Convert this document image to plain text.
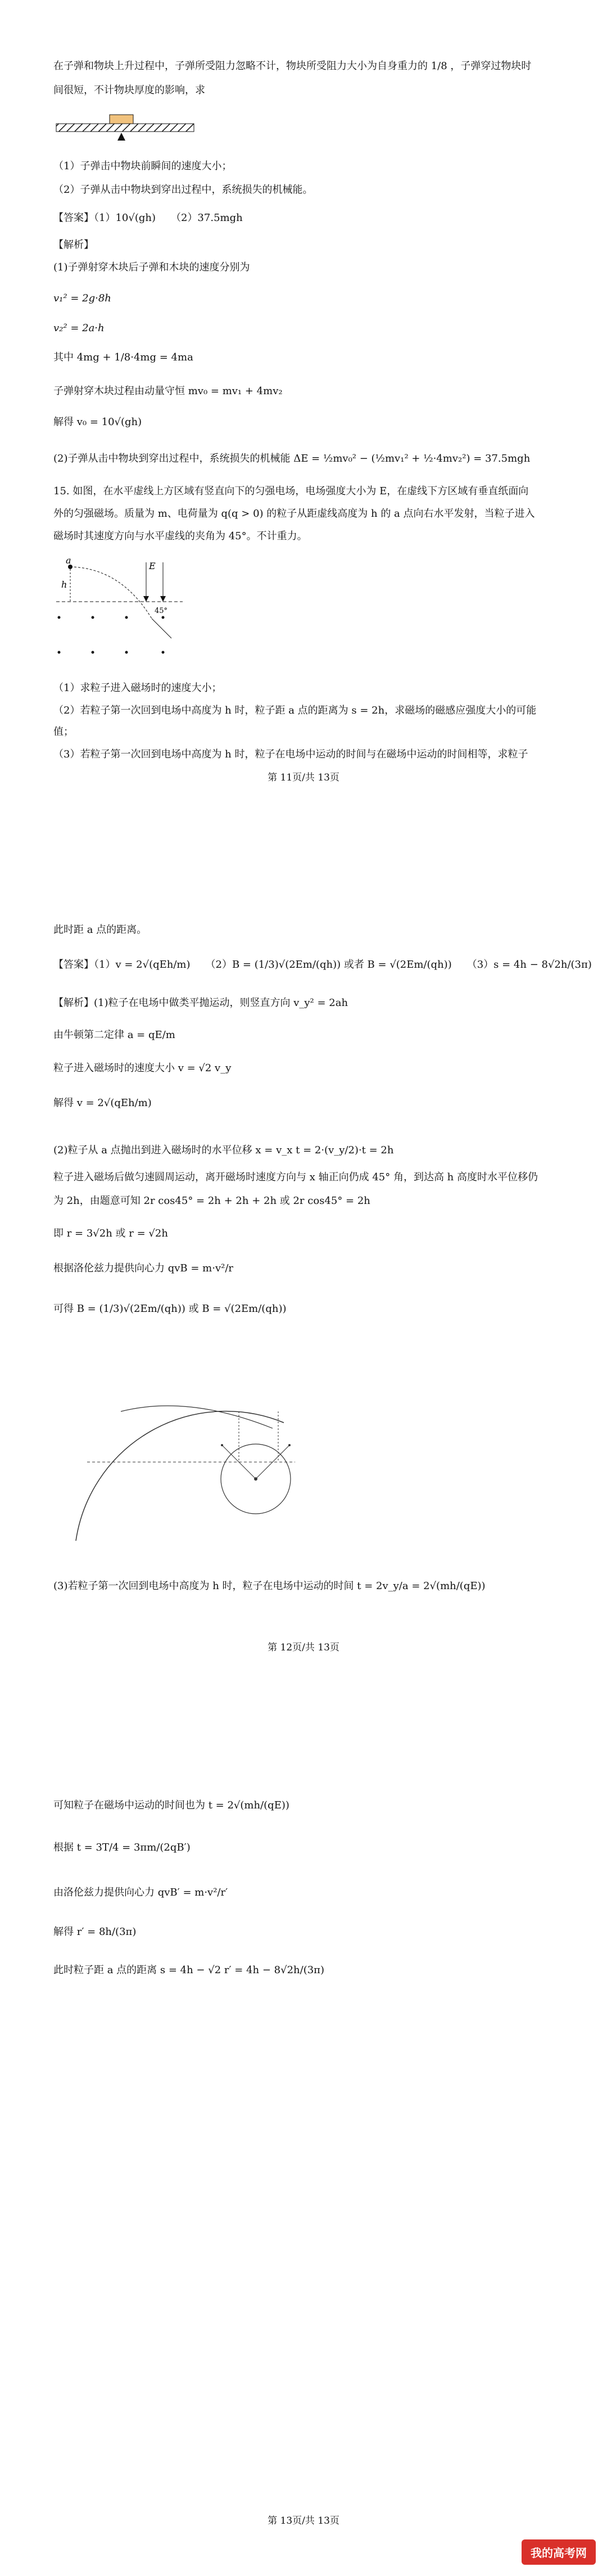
在子弹和物块上升过程中，子弹所受阻力忽略不计，物块所受阻力大小为自身重力的 1/8 ，子弹穿过物块时
间很短，不计物块厚度的影响，求
（1）子弹击中物块前瞬间的速度大小；
（2）子弹从击中物块到穿出过程中，系统损失的机械能。
【答案】（1）10√(gh)　　（2）37.5mgh
【解析】
(1)子弹射穿木块后子弹和木块的速度分别为
v₁² = 2g·8h
v₂² = 2a·h
其中 4mg + 1/8·4mg = 4ma
子弹射穿木块过程由动量守恒 mv₀ = mv₁ + 4mv₂
解得 v₀ = 10√(gh)
(2)子弹从击中物块到穿出过程中，系统损失的机械能 ΔE = ½mv₀² − (½mv₁² + ½·4mv₂²) = 37.5mgh
15. 如图，在水平虚线上方区域有竖直向下的匀强电场，电场强度大小为 E，在虚线下方区域有垂直纸面向
外的匀强磁场。质量为 m、电荷量为 q(q > 0) 的粒子从距虚线高度为 h 的 a 点向右水平发射，当粒子进入
磁场时其速度方向与水平虚线的夹角为 45°。不计重力。
a
h
E
45°
（1）求粒子进入磁场时的速度大小；
（2）若粒子第一次回到电场中高度为 h 时，粒子距 a 点的距离为 s = 2h，求磁场的磁感应强度大小的可能
值；
（3）若粒子第一次回到电场中高度为 h 时，粒子在电场中运动的时间与在磁场中运动的时间相等，求粒子
第 11页/共 13页
此时距 a 点的距离。
【答案】（1）v = 2√(qEh/m)　　（2）B = (1/3)√(2Em/(qh)) 或者 B = √(2Em/(qh))　　（3）s = 4h − 8√2h/(3π)
【解析】(1)粒子在电场中做类平抛运动，则竖直方向 v_y² = 2ah
由牛顿第二定律 a = qE/m
粒子进入磁场时的速度大小 v = √2 v_y
解得 v = 2√(qEh/m)
(2)粒子从 a 点抛出到进入磁场时的水平位移 x = v_x t = 2·(v_y/2)·t = 2h
粒子进入磁场后做匀速圆周运动，离开磁场时速度方向与 x 轴正向仍成 45° 角，到达高 h 高度时水平位移仍
为 2h，由题意可知 2r cos45° = 2h + 2h + 2h 或 2r cos45° = 2h
即 r = 3√2h 或 r = √2h
根据洛伦兹力提供向心力 qvB = m·v²/r
可得 B = (1/3)√(2Em/(qh)) 或 B = √(2Em/(qh))
(3)若粒子第一次回到电场中高度为 h 时，粒子在电场中运动的时间 t = 2v_y/a = 2√(mh/(qE))
第 12页/共 13页
可知粒子在磁场中运动的时间也为 t = 2√(mh/(qE))
根据 t = 3T/4 = 3πm/(2qB′)
由洛伦兹力提供向心力 qvB′ = m·v²/r′
解得 r′ = 8h/(3π)
此时粒子距 a 点的距离 s = 4h − √2 r′ = 4h − 8√2h/(3π)
第 13页/共 13页
我的高考网
